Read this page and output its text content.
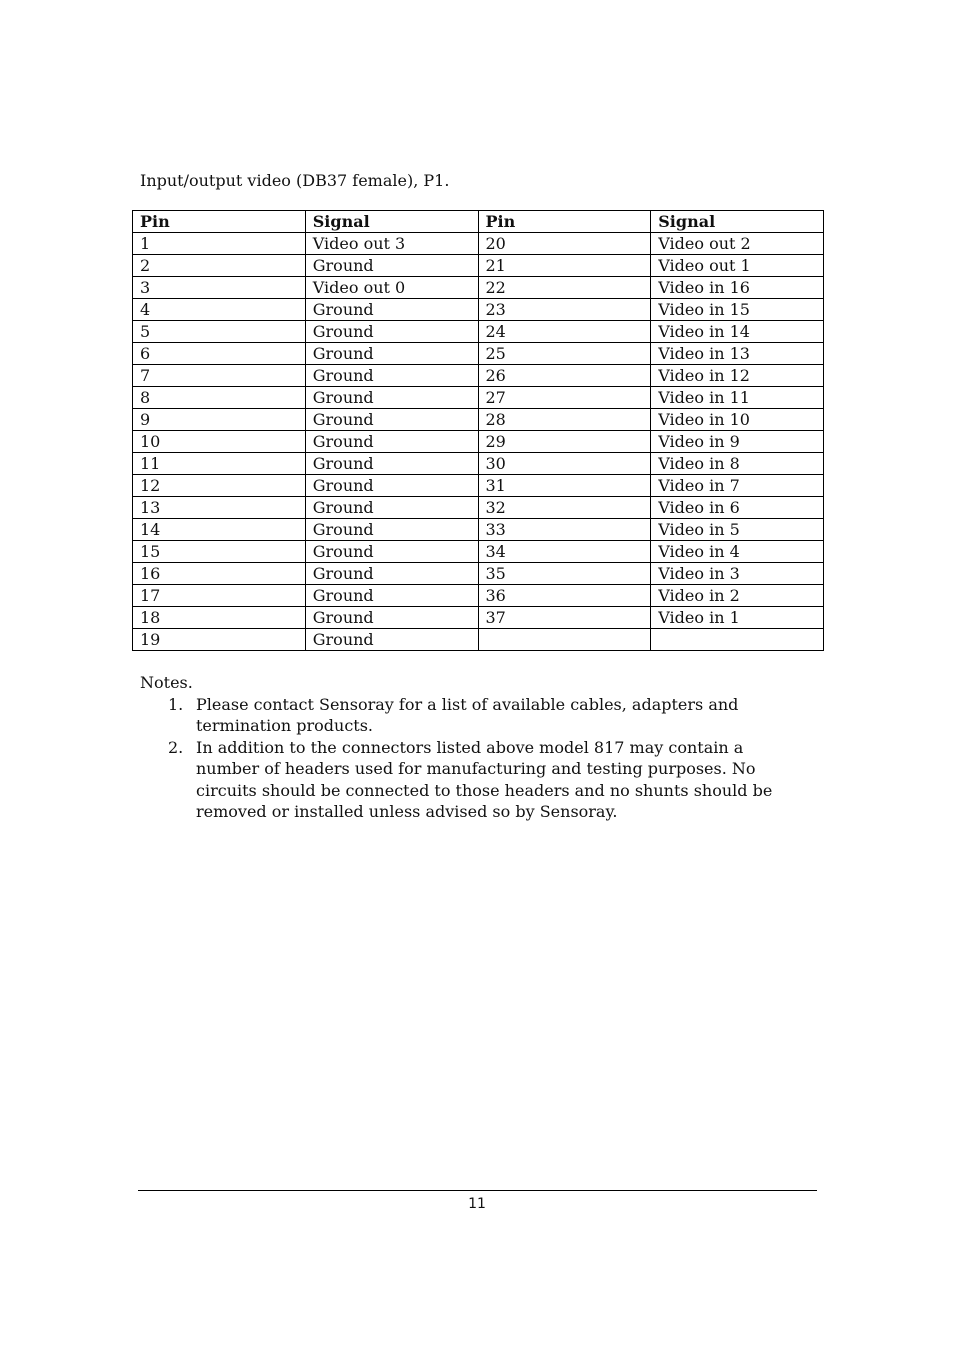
Input/output video (DB37 female), P1.
Pin	Signal	Pin	Signal
1	Video out 3	20	Video out 2
2	Ground	21	Video out 1
3	Video out 0	22	Video in 16
4	Ground	23	Video in 15
5	Ground	24	Video in 14
6	Ground	25	Video in 13
7	Ground	26	Video in 12
8	Ground	27	Video in 11
9	Ground	28	Video in 10
10	Ground	29	Video in 9
11	Ground	30	Video in 8
12	Ground	31	Video in 7
13	Ground	32	Video in 6
14	Ground	33	Video in 5
15	Ground	34	Video in 4
16	Ground	35	Video in 3
17	Ground	36	Video in 2
18	Ground	37	Video in 1
19	Ground		
Notes.
1. Please contact Sensoray for a list of available cables, adapters and termination products.
2. In addition to the connectors listed above model 817 may contain a number of headers used for manufacturing and testing purposes. No circuits should be connected to those headers and no shunts should be removed or installed unless advised so by Sensoray.
11
